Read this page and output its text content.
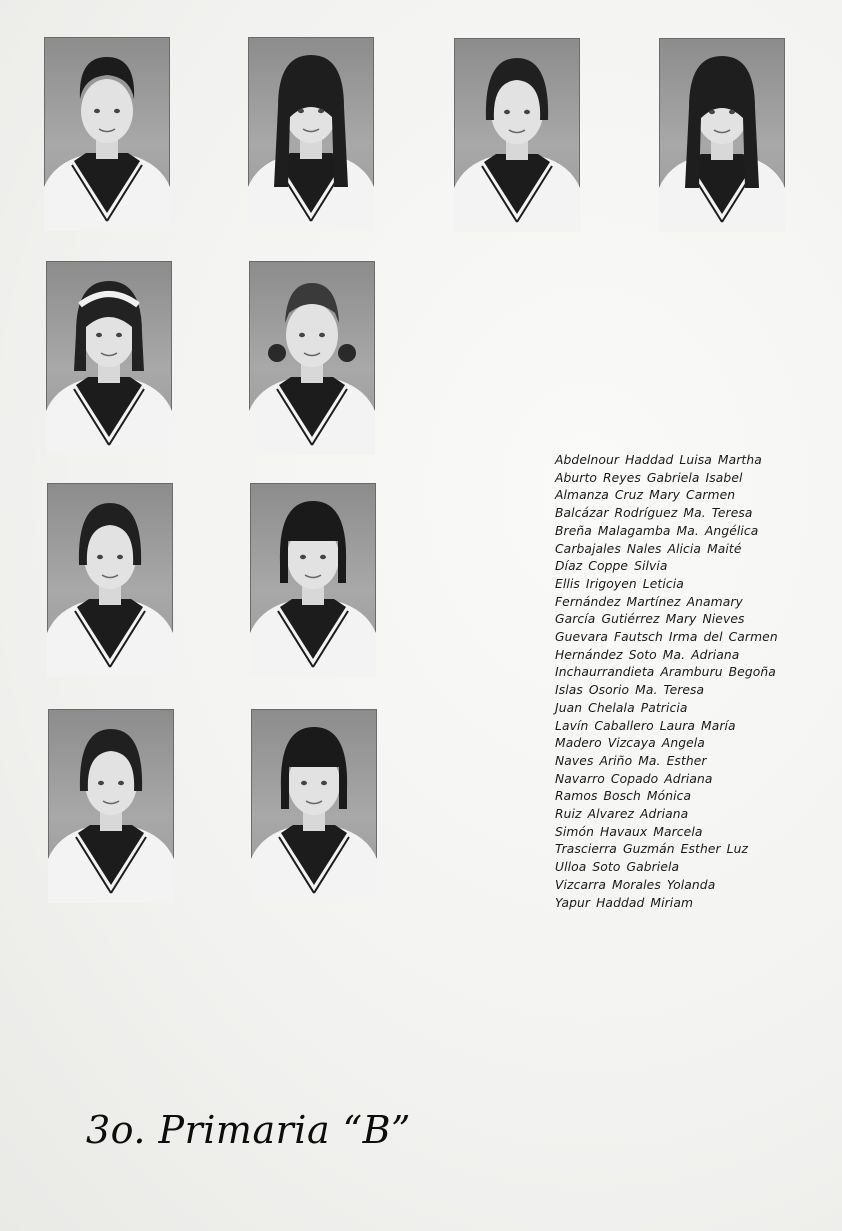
Abdelnour Haddad Luisa Martha
Aburto Reyes Gabriela Isabel
Almanza Cruz Mary Carmen
Balcázar Rodríguez Ma. Teresa
Breña Malagamba Ma. Angélica
Carbajales Nales Alicia Maité
Díaz Coppe Silvia
Ellis Irigoyen Leticia
Fernández Martínez Anamary
García Gutiérrez Mary Nieves
Guevara Fautsch Irma del Carmen
Hernández Soto Ma. Adriana
Inchaurrandieta Aramburu Begoña
Islas Osorio Ma. Teresa
Juan Chelala Patricia
Lavín Caballero Laura María
Madero Vizcaya Angela
Naves Ariño Ma. Esther
Navarro Copado Adriana
Ramos Bosch Mónica
Ruiz Alvarez Adriana
Simón Havaux Marcela
Trascierra Guzmán Esther Luz
Ulloa Soto Gabriela
Vizcarra Morales Yolanda
Yapur Haddad Miriam
3o. Primaria “B”
